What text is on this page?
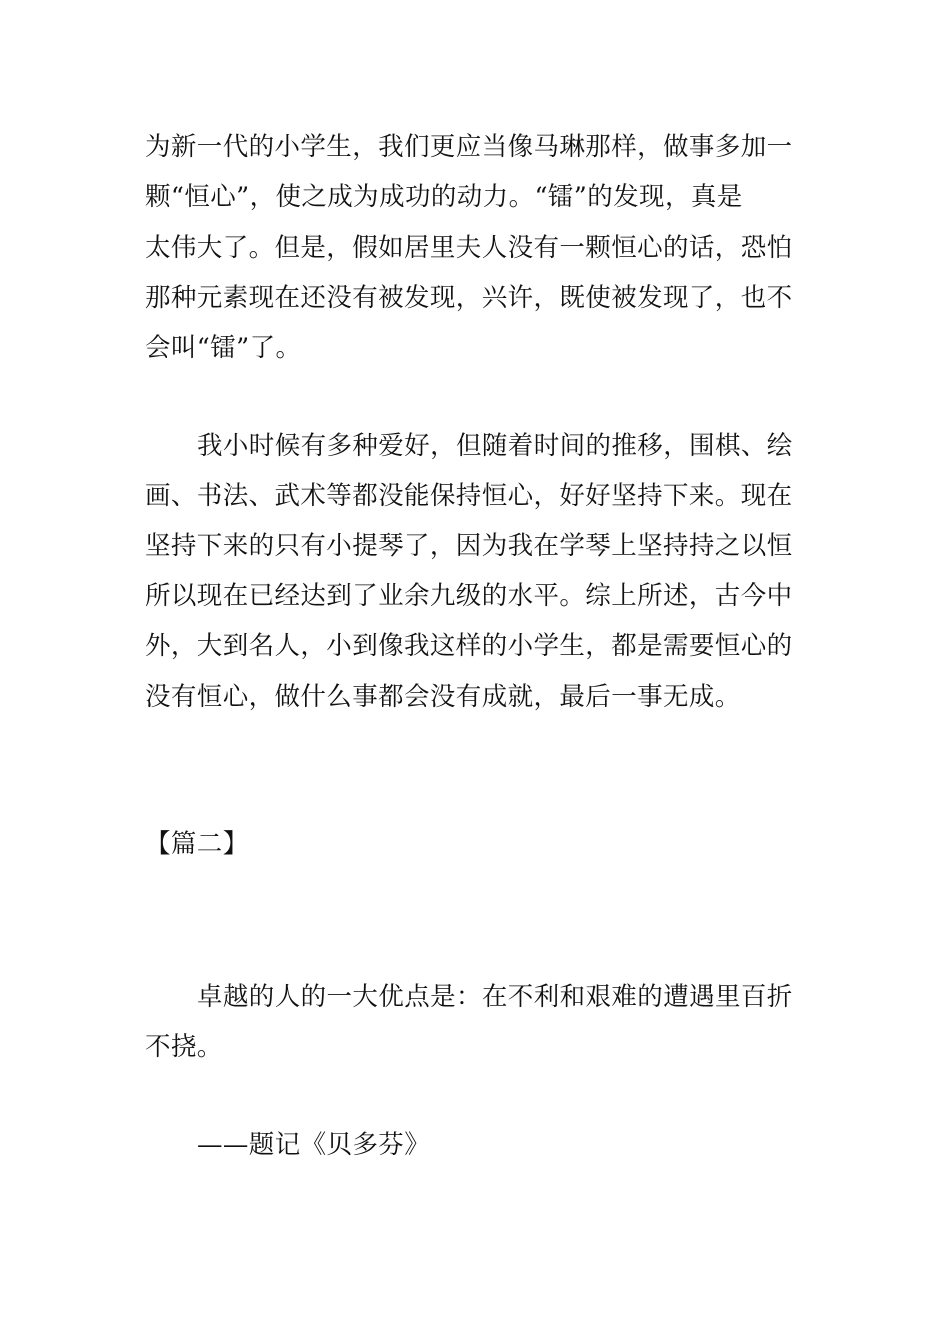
为新一代的小学生，我们更应当像马琳那样，做事多加一
颗“恒心”，使之成为成功的动力。“镭”的发现，真是
太伟大了。但是，假如居里夫人没有一颗恒心的话，恐怕
那种元素现在还没有被发现，兴许，既使被发现了，也不
会叫“镭”了。
我小时候有多种爱好，但随着时间的推移，围棋、绘
画、书法、武术等都没能保持恒心，好好坚持下来。现在
坚持下来的只有小提琴了，因为我在学琴上坚持持之以恒
所以现在已经达到了业余九级的水平。综上所述，古今中
外，大到名人，小到像我这样的小学生，都是需要恒心的
没有恒心，做什么事都会没有成就，最后一事无成。
【篇二】
卓越的人的一大优点是：在不利和艰难的遭遇里百折
不挠。
——题记《贝多芬》
